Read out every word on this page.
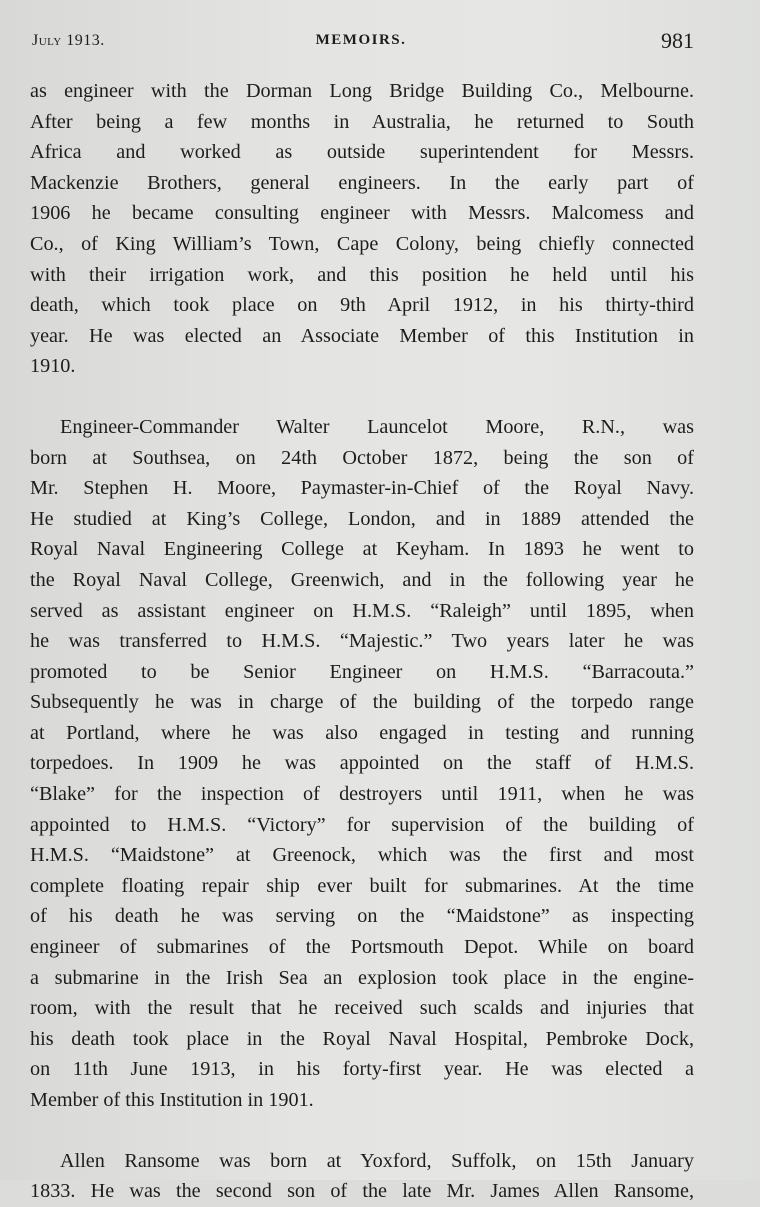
July 1913.	MEMOIRS.	981

as engineer with the Dorman Long Bridge Building Co., Melbourne.
After being a few months in Australia, he returned to South
Africa and worked as outside superintendent for Messrs.
Mackenzie Brothers, general engineers. In the early part of
1906 he became consulting engineer with Messrs. Malcomess and
Co., of King William’s Town, Cape Colony, being chiefly connected
with their irrigation work, and this position he held until his
death, which took place on 9th April 1912, in his thirty-third
year. He was elected an Associate Member of this Institution in
1910.

Engineer-Commander Walter Launcelot Moore, R.N., was
born at Southsea, on 24th October 1872, being the son of
Mr. Stephen H. Moore, Paymaster-in-Chief of the Royal Navy.
He studied at King’s College, London, and in 1889 attended the
Royal Naval Engineering College at Keyham. In 1893 he went to
the Royal Naval College, Greenwich, and in the following year he
served as assistant engineer on H.M.S. “Raleigh” until 1895, when
he was transferred to H.M.S. “Majestic.” Two years later he was
promoted to be Senior Engineer on H.M.S. “Barracouta.”
Subsequently he was in charge of the building of the torpedo range
at Portland, where he was also engaged in testing and running
torpedoes. In 1909 he was appointed on the staff of H.M.S.
“Blake” for the inspection of destroyers until 1911, when he was
appointed to H.M.S. “Victory” for supervision of the building of
H.M.S. “Maidstone” at Greenock, which was the first and most
complete floating repair ship ever built for submarines. At the time
of his death he was serving on the “Maidstone” as inspecting
engineer of submarines of the Portsmouth Depot. While on board
a submarine in the Irish Sea an explosion took place in the engine-
room, with the result that he received such scalds and injuries that
his death took place in the Royal Naval Hospital, Pembroke Dock,
on 11th June 1913, in his forty-first year. He was elected a
Member of this Institution in 1901.

Allen Ransome was born at Yoxford, Suffolk, on 15th January
1833. He was the second son of the late Mr. James Allen Ransome,
